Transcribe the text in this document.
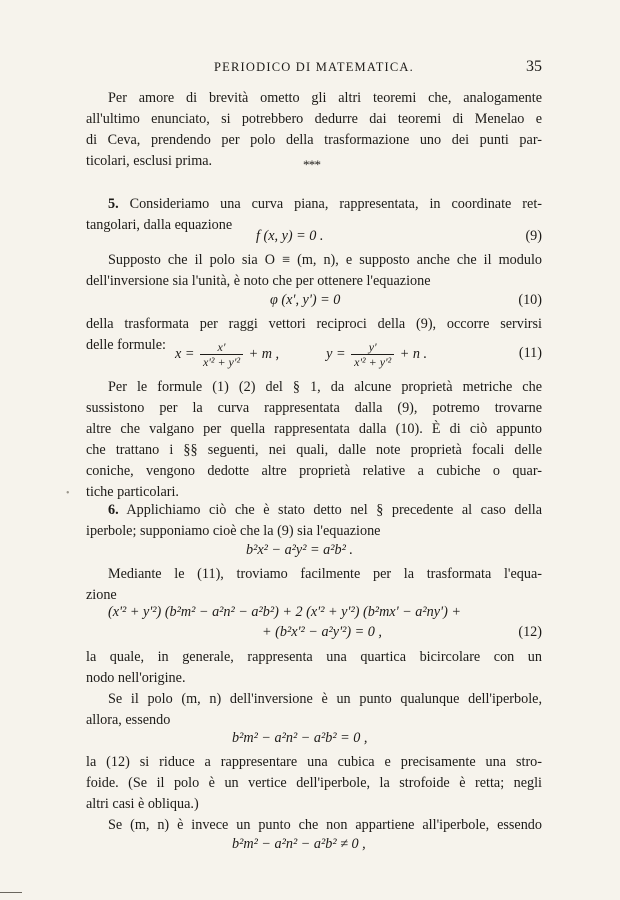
PERIODICO DI MATEMATICA.	35
Per amore di brevità ometto gli altri teoremi che, analogamente
all'ultimo enunciato, si potrebbero dedurre dai teoremi di Menelao e
di Ceva, prendendo per polo della trasformazione uno dei punti par-
ticolari, esclusi prima.	* * *
5. Consideriamo una curva piana, rappresentata, in coordinate ret-
tangolari, dalla equazione
f (x, y) = 0 .	(9)
Supposto che il polo sia O ≡ (m, n), e supposto anche che il modulo
dell'inversione sia l'unità, è noto che per ottenere l'equazione
φ (x', y') = 0	(10)
della trasformata per raggi vettori reciproci della (9), occorre servirsi
delle formule:
$x = \frac{x'}{\text{x'² + y'²}} + m$ ,	$y = \frac{y'}{\text{x'² + y'²}} + n$ .	(11)
Per le formule (1) (2) del § 1, da alcune proprietà metriche che
sussistono per la curva rappresentata dalla (9), potremo trovarne
altre che valgano per quella rappresentata dalla (10). È di ciò appunto
che trattano i §§ seguenti, nei quali, dalle note proprietà focali delle
coniche, vengono dedotte altre proprietà relative a cubiche o quar-
tiche particolari.
•
6. Applichiamo ciò che è stato detto nel § precedente al caso della
iperbole; supponiamo cioè che la (9) sia l'equazione
b²x² − a²y² = a²b² .
Mediante le (11), troviamo facilmente per la trasformata l'equa-
zione
(x'² + y'²) (b²m² − a²n² − a²b²) + 2 (x'² + y'²) (b²mx' − a²ny') +
+ (b²x'² − a²y'²) = 0 ,	(12)
la quale, in generale, rappresenta una quartica bicircolare con un
nodo nell'origine.
Se il polo (m, n) dell'inversione è un punto qualunque dell'iperbole,
allora, essendo
b²m² − a²n² − a²b² = 0 ,
la (12) si riduce a rappresentare una cubica e precisamente una stro-
foide. (Se il polo è un vertice dell'iperbole, la strofoide è retta; negli
altri casi è obliqua.)
Se (m, n) è invece un punto che non appartiene all'iperbole, essendo
b²m² − a²n² − a²b² ≠ 0 ,
